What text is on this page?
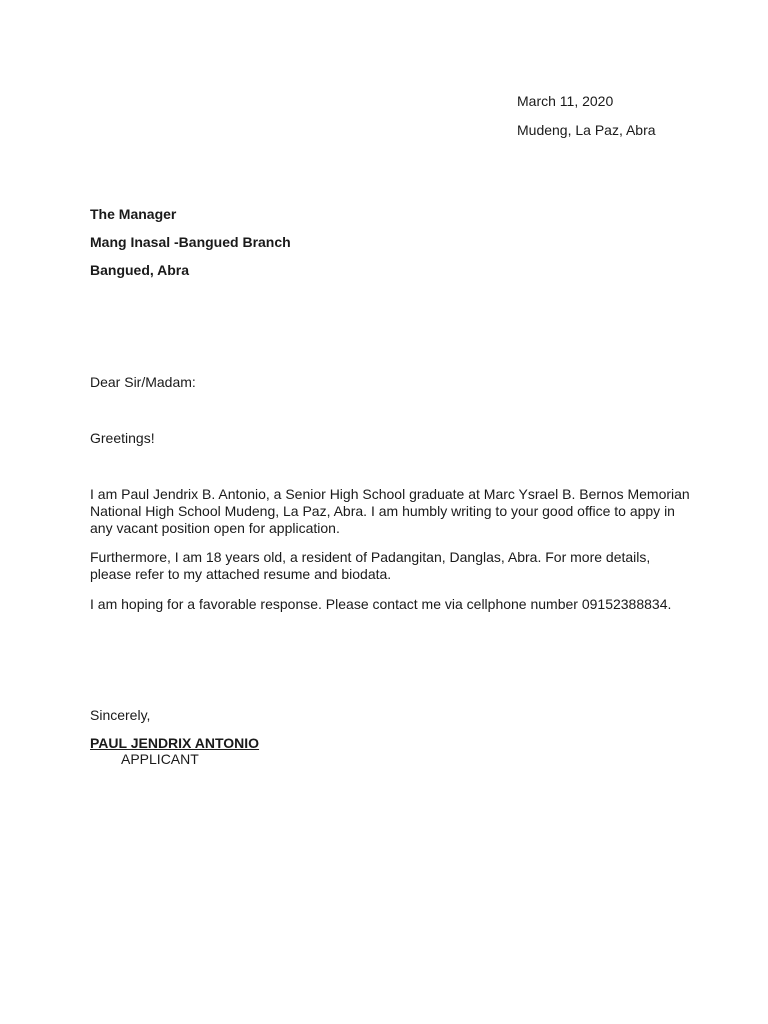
March 11, 2020
Mudeng, La Paz, Abra
The Manager
Mang Inasal -Bangued Branch
Bangued, Abra
Dear Sir/Madam:
Greetings!
I am Paul Jendrix B. Antonio, a Senior High School graduate at Marc Ysrael B. Bernos Memorian National High School Mudeng, La Paz, Abra. I am humbly writing to your good office to appy in any vacant position open for application.
Furthermore, I am 18 years old, a resident of Padangitan, Danglas, Abra. For more details, please refer to my attached resume and biodata.
I am hoping for a favorable response. Please contact me via cellphone number 09152388834.
Sincerely,
PAUL JENDRIX ANTONIO
APPLICANT
